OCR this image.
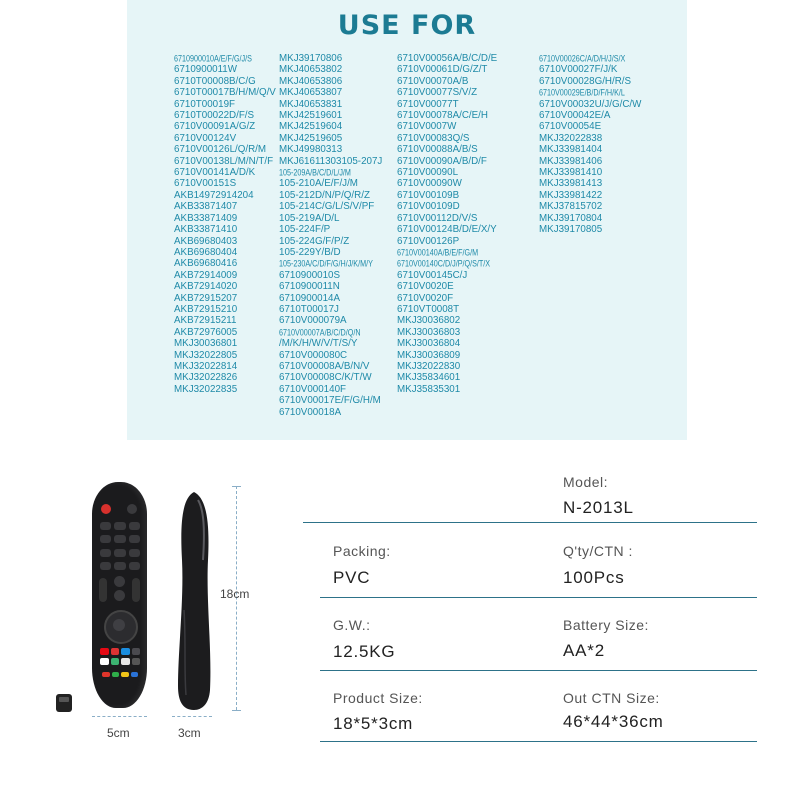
USE FOR
6710900010A/E/F/G/J/S
6710900011W
6710T00008B/C/G
6710T00017B/H/M/Q/V
6710T00019F
6710T00022D/F/S
6710V00091A/G/Z
6710V00124V
6710V00126L/Q/R/M
6710V00138L/M/N/T/F
6710V00141A/D/K
6710V00151S
AKB14972914204
AKB33871407
AKB33871409
AKB33871410
AKB69680403
AKB69680404
AKB69680416
AKB72914009
AKB72914020
AKB72915207
AKB72915210
AKB72915211
AKB72976005
MKJ30036801
MKJ32022805
MKJ32022814
MKJ32022826
MKJ32022835
MKJ39170806
MKJ40653802
MKJ40653806
MKJ40653807
MKJ40653831
MKJ42519601
MKJ42519604
MKJ42519605
MKJ49980313
MKJ61611303105-207J
105-209A/B/C/D/L/J/M
105-210A/E/F/J/M
105-212D/N/P/Q/R/Z
105-214C/G/L/S/V/PF
105-219A/D/L
105-224F/P
105-224G/F/P/Z
105-229Y/B/D
105-230A/C/D/F/G/H/J/K/M/Y
6710900010S
6710900011N
6710900014A
6710T00017J
6710V000079A
6710V00007A/B/C/D/Q/N
/M/K/H/W/V/T/S/Y
6710V000080C
6710V00008A/B/N/V
6710V00008C/K/T/W
6710V000140F
6710V00017E/F/G/H/M
6710V00018A
6710V00056A/B/C/D/E
6710V00061D/G/Z/T
6710V00070A/B
6710V00077S/V/Z
6710V00077T
6710V00078A/C/E/H
6710V0007W
6710V00083Q/S
6710V00088A/B/S
6710V00090A/B/D/F
6710V00090L
6710V00090W
6710V00109B
6710V00109D
6710V00112D/V/S
6710V00124B/D/E/X/Y
6710V00126P
6710V00140A/B/E/F/G/M
6710V00140C/D/J/P/Q/S/T/X
6710V00145C/J
6710V0020E
6710V0020F
6710VT0008T
MKJ30036802
MKJ30036803
MKJ30036804
MKJ30036809
MKJ32022830
MKJ35834601
MKJ35835301
6710V00026C/A/D/H/J/S/X
6710V00027F/J/K
6710V00028G/H/R/S
6710V00029E/B/D/F/H/K/L
6710V00032U/J/G/C/W
6710V00042E/A
6710V00054E
MKJ32022838
MKJ33981404
MKJ33981406
MKJ33981410
MKJ33981413
MKJ33981422
MKJ37815702
MKJ39170804
MKJ39170805
18cm
5cm	3cm
Model:
N-2013L
Packing:
PVC
Q'ty/CTN :
100Pcs
G.W.:
12.5KG
Battery Size:
AA*2
Product Size:
18*5*3cm
Out CTN Size:
46*44*36cm
